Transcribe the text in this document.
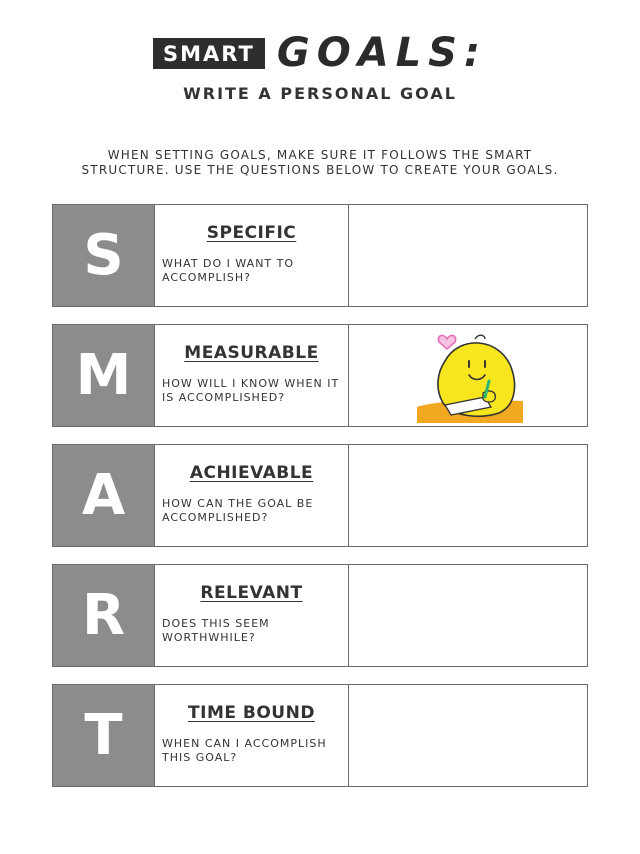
SMART GOALS:
WRITE A PERSONAL GOAL
WHEN SETTING GOALS, MAKE SURE IT FOLLOWS THE SMART
STRUCTURE. USE THE QUESTIONS BELOW TO CREATE YOUR GOALS.
S	SPECIFIC
WHAT DO I WANT TO
ACCOMPLISH?
M	MEASURABLE
HOW WILL I KNOW WHEN IT
IS ACCOMPLISHED?
A	ACHIEVABLE
HOW CAN THE GOAL BE
ACCOMPLISHED?
R	RELEVANT
DOES THIS SEEM
WORTHWHILE?
T	TIME BOUND
WHEN CAN I ACCOMPLISH
THIS GOAL?
